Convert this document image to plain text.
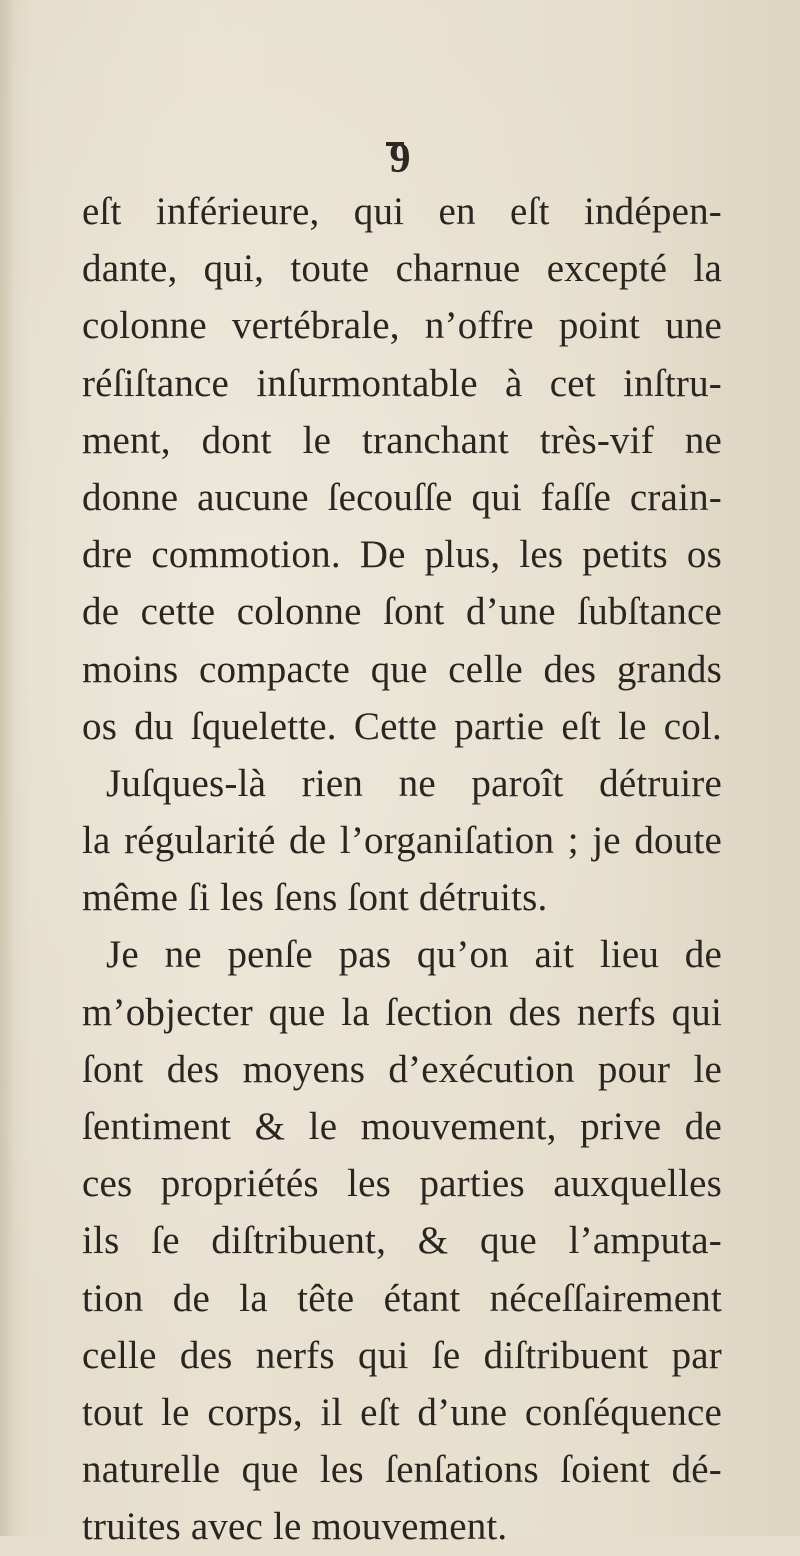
9
eſt inférieure, qui en eſt indépen-
dante, qui, toute charnue excepté la
colonne vertébrale, n’offre point une
réſiſtance inſurmontable à cet inſtru-
ment, dont le tranchant très-vif ne
donne aucune ſecouſſe qui faſſe crain-
dre commotion. De plus, les petits os
de cette colonne ſont d’une ſubſtance
moins compacte que celle des grands
os du ſquelette. Cette partie eſt le col.
Juſques-là rien ne paroît détruire
la régularité de l’organiſation ; je doute
même ſi les ſens ſont détruits.
Je ne penſe pas qu’on ait lieu de
m’objecter que la ſection des nerfs qui
ſont des moyens d’exécution pour le
ſentiment & le mouvement, prive de
ces propriétés les parties auxquelles
ils ſe diſtribuent, & que l’amputa-
tion de la tête étant néceſſairement
celle des nerfs qui ſe diſtribuent par
tout le corps, il eſt d’une conſéquence
naturelle que les ſenſations ſoient dé-
truites avec le mouvement.
